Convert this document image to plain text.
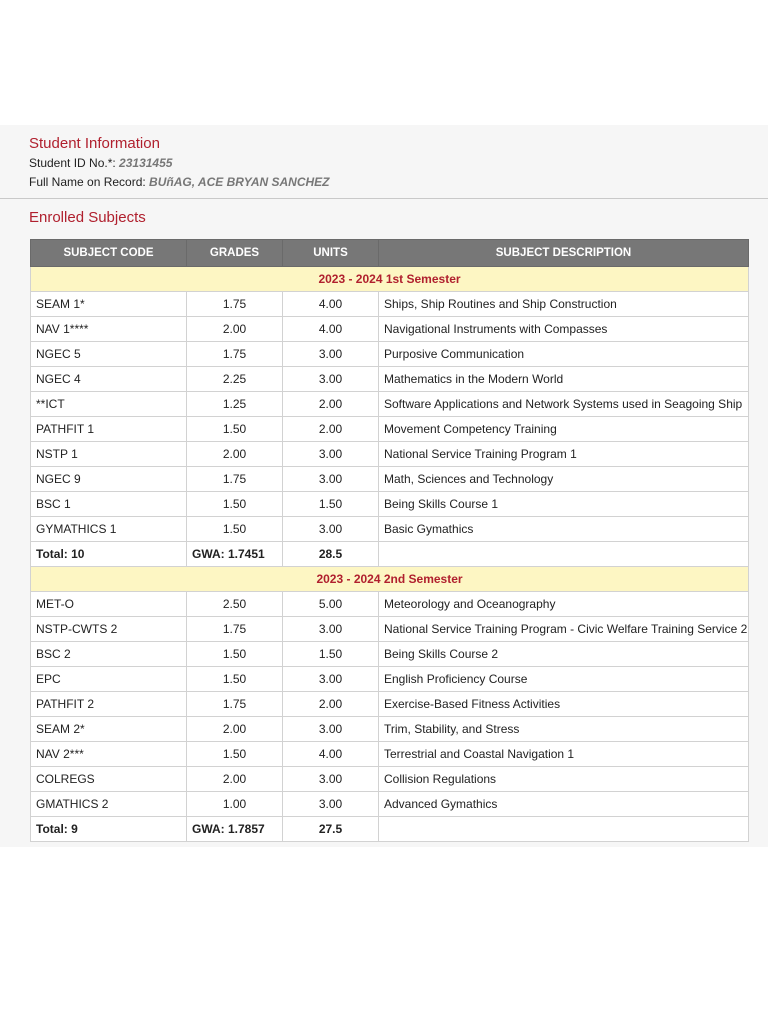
Student Information
Student ID No.*: 23131455
Full Name on Record: BUñAG, ACE BRYAN SANCHEZ
Enrolled Subjects
SUBJECT CODE	GRADES	UNITS	SUBJECT DESCRIPTION
2023 - 2024 1st Semester			
SEAM 1*	1.75	4.00	Ships, Ship Routines and Ship Construction
NAV 1****	2.00	4.00	Navigational Instruments with Compasses
NGEC 5	1.75	3.00	Purposive Communication
NGEC 4	2.25	3.00	Mathematics in the Modern World
**ICT	1.25	2.00	Software Applications and Network Systems used in Seagoing Ship
PATHFIT 1	1.50	2.00	Movement Competency Training
NSTP 1	2.00	3.00	National Service Training Program 1
NGEC 9	1.75	3.00	Math, Sciences and Technology
BSC 1	1.50	1.50	Being Skills Course 1
GYMATHICS 1	1.50	3.00	Basic Gymathics
Total: 10	GWA: 1.7451	28.5	
2023 - 2024 2nd Semester			
MET-O	2.50	5.00	Meteorology and Oceanography
NSTP-CWTS 2	1.75	3.00	National Service Training Program - Civic Welfare Training Service 2
BSC 2	1.50	1.50	Being Skills Course 2
EPC	1.50	3.00	English Proficiency Course
PATHFIT 2	1.75	2.00	Exercise-Based Fitness Activities
SEAM 2*	2.00	3.00	Trim, Stability, and Stress
NAV 2***	1.50	4.00	Terrestrial and Coastal Navigation 1
COLREGS	2.00	3.00	Collision Regulations
GMATHICS 2	1.00	3.00	Advanced Gymathics
Total: 9	GWA: 1.7857	27.5	
